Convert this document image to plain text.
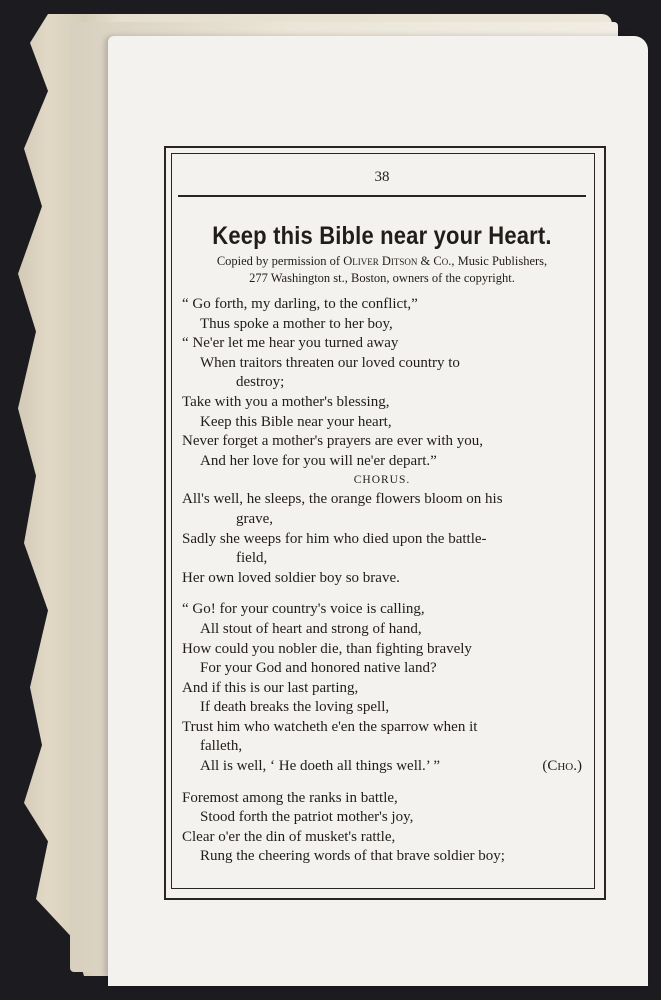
38
Keep this Bible near your Heart.
Copied by permission of Oliver Ditson & Co., Music Publishers,
277 Washington st., Boston, owners of the copyright.
“ Go forth, my darling, to the conflict,”
Thus spoke a mother to her boy,
“ Ne'er let me hear you turned away
When traitors threaten our loved country to
destroy;
Take with you a mother's blessing,
Keep this Bible near your heart,
Never forget a mother's prayers are ever with you,
And her love for you will ne'er depart.”
CHORUS.
All's well, he sleeps, the orange flowers bloom on his
grave,
Sadly she weeps for him who died upon the battle-
field,
Her own loved soldier boy so brave.
“ Go! for your country's voice is calling,
All stout of heart and strong of hand,
How could you nobler die, than fighting bravely
For your God and honored native land?
And if this is our last parting,
If death breaks the loving spell,
Trust him who watcheth e'en the sparrow when it
falleth,
All is well, ‘ He doeth all things well.’ ”	(Cho.)
Foremost among the ranks in battle,
Stood forth the patriot mother's joy,
Clear o'er the din of musket's rattle,
Rung the cheering words of that brave soldier boy;
